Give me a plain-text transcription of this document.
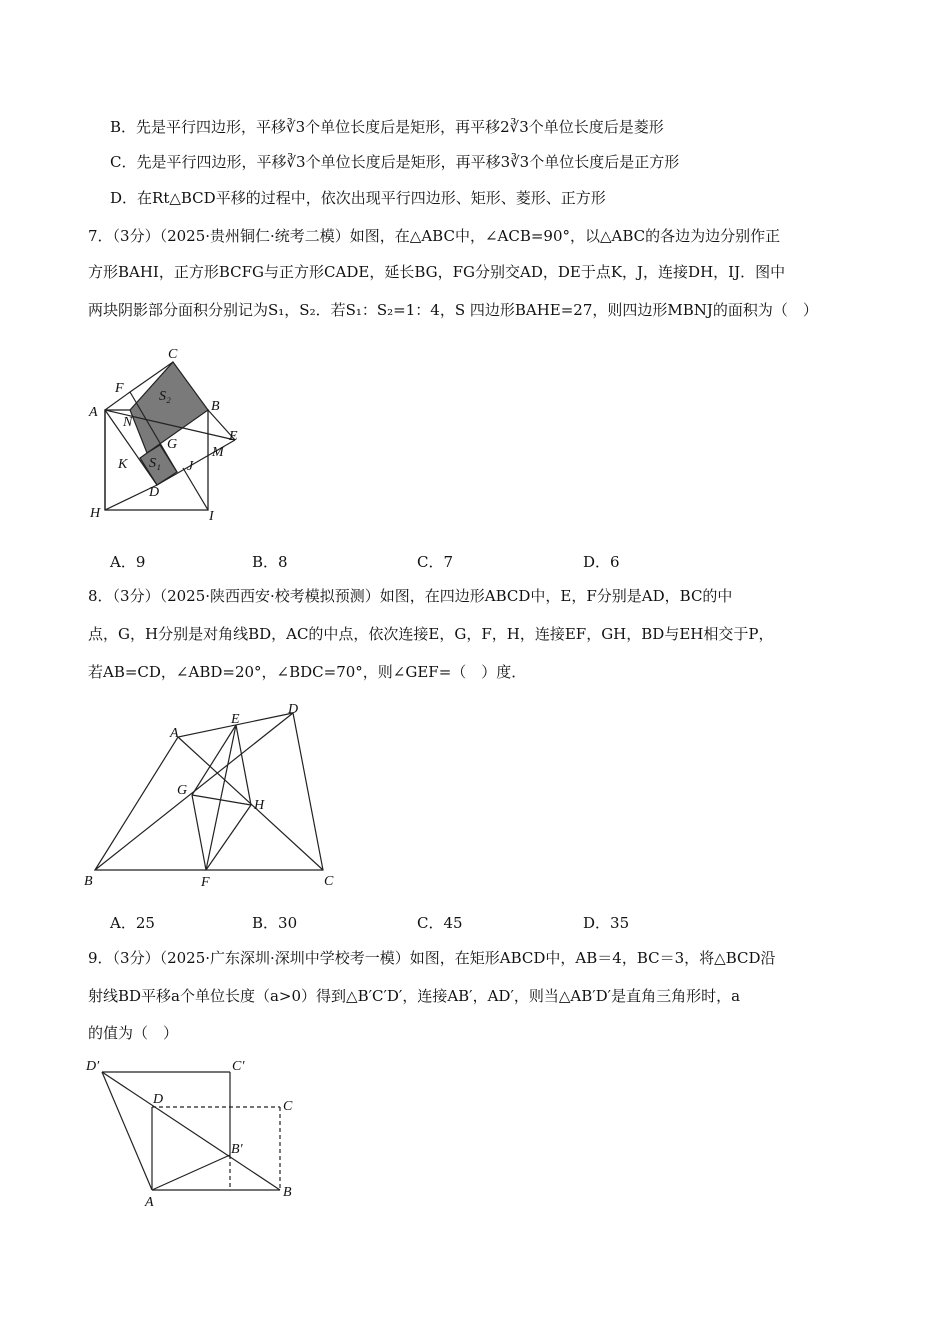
B．先是平行四边形，平移∛3个单位长度后是矩形，再平移2∛3个单位长度后是菱形
C．先是平行四边形，平移∛3个单位长度后是矩形，再平移3∛3个单位长度后是正方形
D．在Rt△BCD平移的过程中，依次出现平行四边形、矩形、菱形、正方形
7．（3分）（2025·贵州铜仁·统考二模）如图，在△ABC中，∠ACB=90°，以△ABC的各边为边分别作正
方形BAHI，正方形BCFG与正方形CADE，延长BG，FG分别交AD，DE于点K，J，连接DH，IJ．图中
两块阴影部分面积分别记为S₁，S₂．若S₁：S₂=1：4，S 四边形BAHE=27，则四边形MBNJ的面积为（　）
C
F
A	B
E
N
S₂
G
M
K S₁ J
D
H	I
A．9	B．8	C．7	D．6
8．（3分）（2025·陕西西安·校考模拟预测）如图，在四边形ABCD中，E，F分别是AD，BC的中
点，G，H分别是对角线BD，AC的中点，依次连接E，G，F，H，连接EF，GH，BD与EH相交于P，
若AB=CD，∠ABD=20°，∠BDC=70°，则∠GEF=（　）度．
A
E
D
G
H
B	F	C
A．25	B．30	C．45	D．35
9．（3分）（2025·广东深圳·深圳中学校考一模）如图，在矩形ABCD中，AB＝4，BC＝3，将△BCD沿
射线BD平移a个单位长度（a>0）得到△B′C′D′，连接AB′，AD′，则当△AB′D′是直角三角形时，a
的值为（　）
D′	C′
D	C
B′
A
B
